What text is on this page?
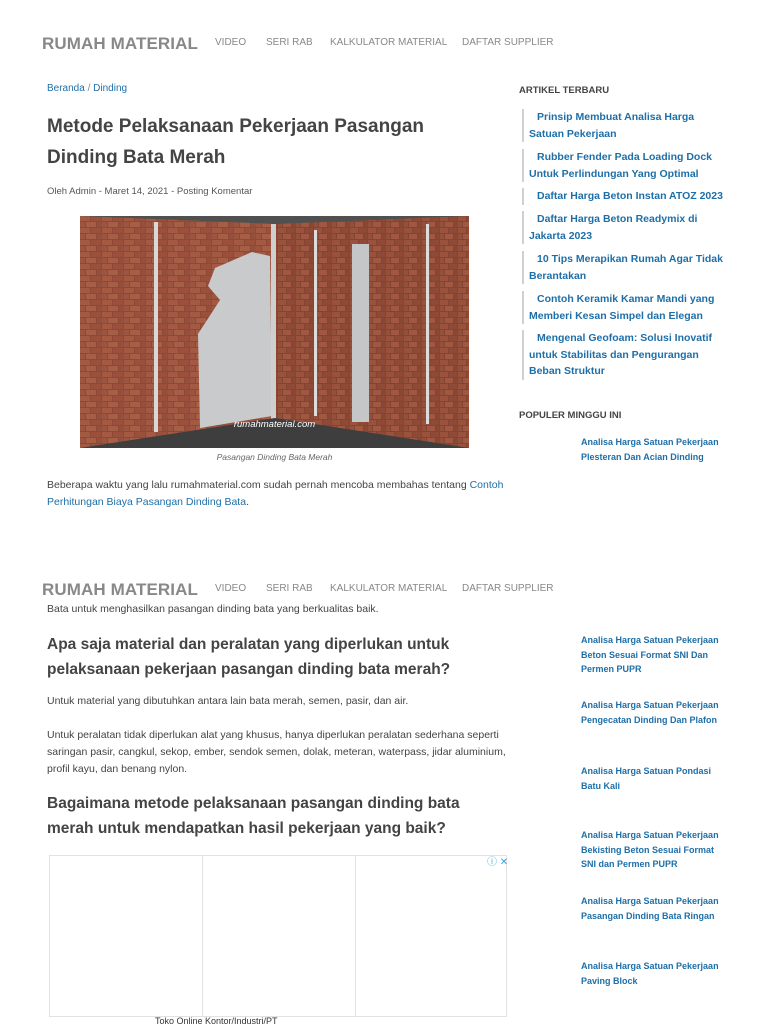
RUMAH MATERIAL VIDEO SERI RAB KALKULATOR MATERIAL DAFTAR SUPPLIER
Beranda / Dinding
Metode Pelaksanaan Pekerjaan Pasangan Dinding Bata Merah
Oleh Admin - Maret 14, 2021 - Posting Komentar
rumahmaterial.com
Pasangan Dinding Bata Merah

Beberapa waktu yang lalu rumahmaterial.com sudah pernah mencoba membahas tentang Contoh Perhitungan Biaya Pasangan Dinding Bata.

ARTIKEL TERBARU
Prinsip Membuat Analisa Harga Satuan Pekerjaan
Rubber Fender Pada Loading Dock Untuk Perlindungan Yang Optimal
Daftar Harga Beton Instan ATOZ 2023
Daftar Harga Beton Readymix di Jakarta 2023
10 Tips Merapikan Rumah Agar Tidak Berantakan
Contoh Keramik Kamar Mandi yang Memberi Kesan Simpel dan Elegan
Mengenal Geofoam: Solusi Inovatif untuk Stabilitas dan Pengurangan Beban Struktur
POPULER MINGGU INI
Analisa Harga Satuan Pekerjaan Plesteran Dan Acian Dinding
RUMAH MATERIAL VIDEO SERI RAB KALKULATOR MATERIAL DAFTAR SUPPLIER

Bata untuk menghasilkan pasangan dinding bata yang berkualitas baik.

Apa saja material dan peralatan yang diperlukan untuk pelaksanaan pekerjaan pasangan dinding bata merah?

Untuk material yang dibutuhkan antara lain bata merah, semen, pasir, dan air.

Untuk peralatan tidak diperlukan alat yang khusus, hanya diperlukan peralatan sederhana seperti saringan pasir, cangkul, sekop, ember, sendok semen, dolak, meteran, waterpass, jidar aluminium, profil kayu, dan benang nylon.

Bagaimana metode pelaksanaan pasangan dinding bata merah untuk mendapatkan hasil pekerjaan yang baik?
ⓘ ✕
Toko Online Kontor/Industri/PT
Analisa Harga Satuan Pekerjaan Beton Sesuai Format SNI Dan Permen PUPR
Analisa Harga Satuan Pekerjaan Pengecatan Dinding Dan Plafon
Analisa Harga Satuan Pondasi Batu Kali
Analisa Harga Satuan Pekerjaan Bekisting Beton Sesuai Format SNI dan Permen PUPR
Analisa Harga Satuan Pekerjaan Pasangan Dinding Bata Ringan
Analisa Harga Satuan Pekerjaan Paving Block
